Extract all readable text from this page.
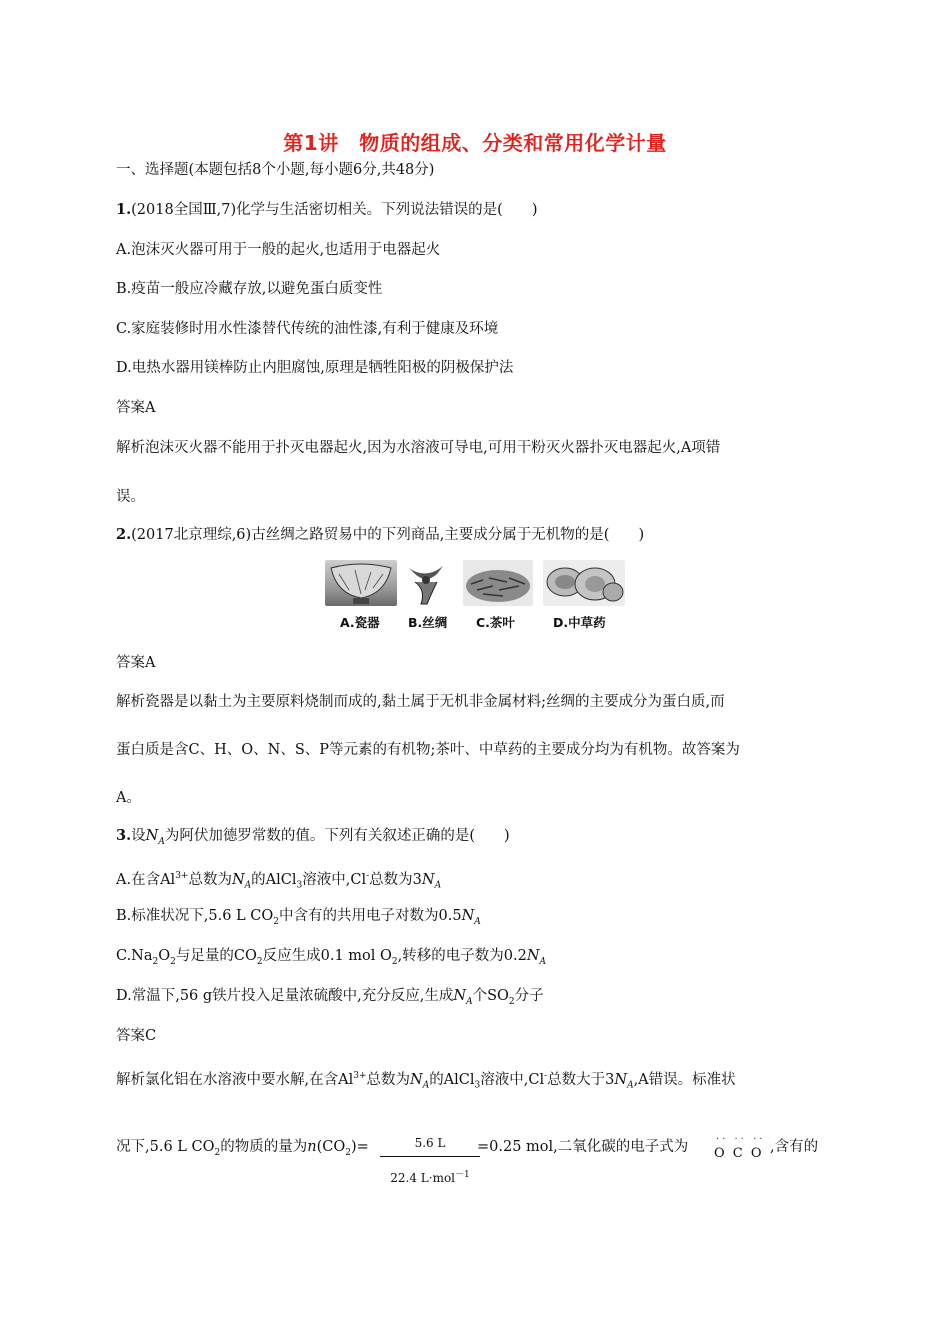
第1讲　物质的组成、分类和常用化学计量
一、选择题(本题包括8个小题,每小题6分,共48分)
1.(2018全国Ⅲ,7)化学与生活密切相关。下列说法错误的是(　　)
A.泡沫灭火器可用于一般的起火,也适用于电器起火
B.疫苗一般应冷藏存放,以避免蛋白质变性
C.家庭装修时用水性漆替代传统的油性漆,有利于健康及环境
D.电热水器用镁棒防止内胆腐蚀,原理是牺牲阳极的阴极保护法
答案A
解析泡沫灭火器不能用于扑灭电器起火,因为水溶液可导电,可用干粉灭火器扑灭电器起火,A项错
误。
2.(2017北京理综,6)古丝绸之路贸易中的下列商品,主要成分属于无机物的是(　　)
A.瓷器 B.丝绸 C.茶叶	D.中草药
答案A
解析瓷器是以黏土为主要原料烧制而成的,黏土属于无机非金属材料;丝绸的主要成分为蛋白质,而
蛋白质是含C、H、O、N、S、P等元素的有机物;茶叶、中草药的主要成分均为有机物。故答案为
A。
3.设$N_A$为阿伏加德罗常数的值。下列有关叙述正确的是(　　)
A.在含$Al^{3+}$总数为$N_A$的AlCl$_3$溶液中,Cl-总数为$3N_A$
B.标准状况下,5.6 L $CO_2$中含有的共用电子对数为$0.5N_A$
$C.Na_2O_2$与足量的$CO_2$反应生成0.1 mol $O_2$,转移的电子数为$0.2N_A$
D.常温下,56 g铁片投入足量浓硫酸中,充分反应,生成$N_A$个$SO_2$分子
答案C
解析氯化铝在水溶液中要水解,在含$Al^{3+}$总数为$N_A$的AlCl$_3$溶液中,Cl-总数大于$3N_A,A$错误。标准状
况下,5.6 L $CO_2$的物质的量为$n(CO_2)=$	5.6 L
22.4 L·mol$^{-1}$
=0.25 mol,二氧化碳的电子式为	·· ·· ··
O C O ,含有的
